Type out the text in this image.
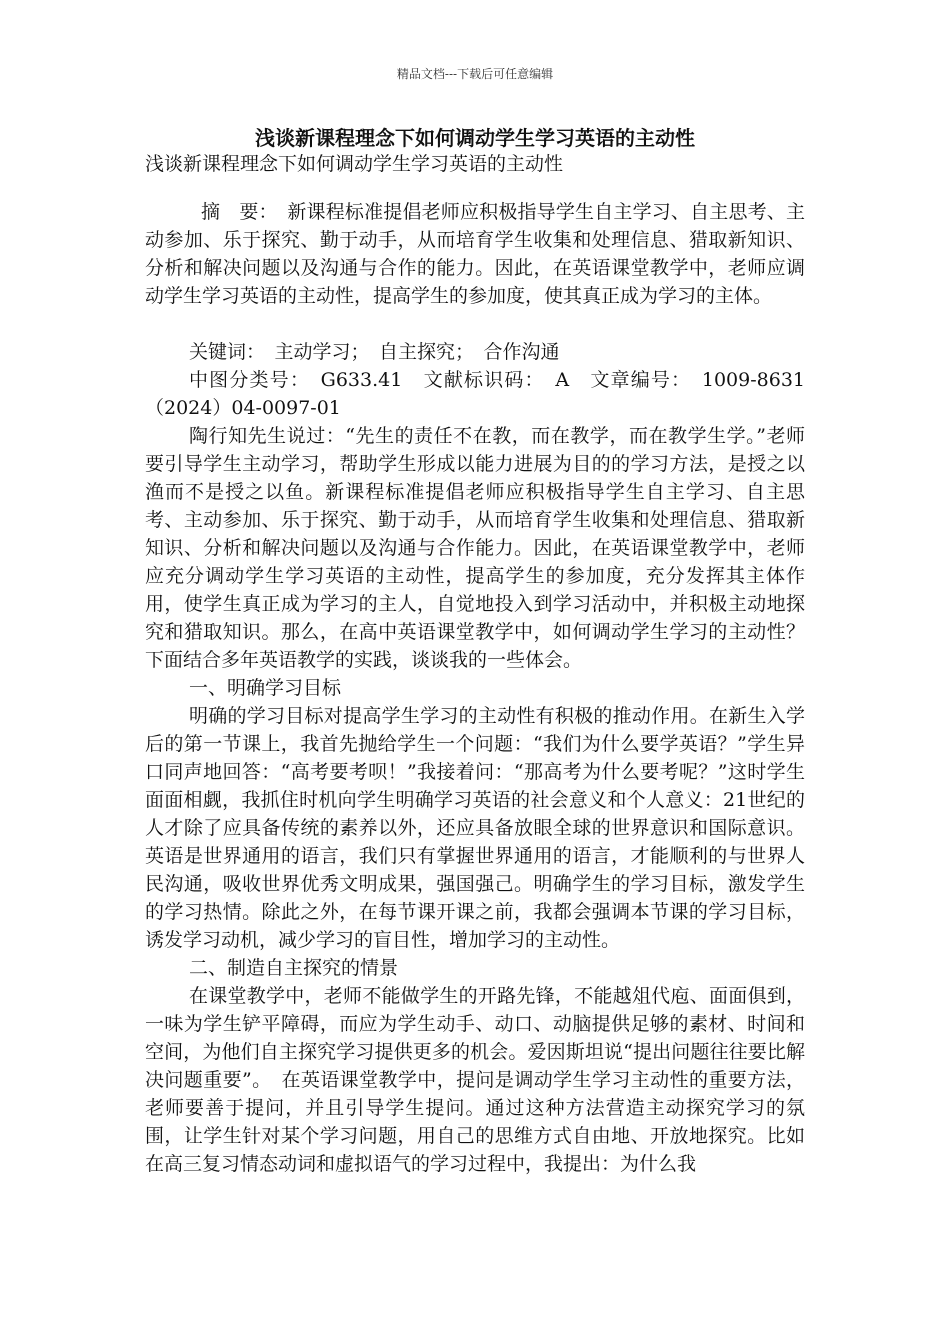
精品文档---下载后可任意编辑
浅谈新课程理念下如何调动学生学习英语的主动性

浅谈新课程理念下如何调动学生学习英语的主动性

摘　要：　新课程标准提倡老师应积极指导学生自主学习、自主思考、主动参加、乐于探究、勤于动手，从而培育学生收集和处理信息、猎取新知识、分析和解决问题以及沟通与合作的能力。因此，在英语课堂教学中，老师应调动学生学习英语的主动性，提高学生的参加度，使其真正成为学习的主体。

关键词：　主动学习；　自主探究；　合作沟通

中图分类号：　G633.41　文献标识码：　A　文章编号：　1009-8631（2024）04-0097-01

陶行知先生说过：“先生的责任不在教，而在教学，而在教学生学。”老师要引导学生主动学习，帮助学生形成以能力进展为目的的学习方法，是授之以渔而不是授之以鱼。新课程标准提倡老师应积极指导学生自主学习、自主思考、主动参加、乐于探究、勤于动手，从而培育学生收集和处理信息、猎取新知识、分析和解决问题以及沟通与合作能力。因此，在英语课堂教学中，老师应充分调动学生学习英语的主动性，提高学生的参加度，充分发挥其主体作用，使学生真正成为学习的主人，自觉地投入到学习活动中，并积极主动地探究和猎取知识。那么，在高中英语课堂教学中，如何调动学生学习的主动性？下面结合多年英语教学的实践，谈谈我的一些体会。

一、明确学习目标

明确的学习目标对提高学生学习的主动性有积极的推动作用。在新生入学后的第一节课上，我首先抛给学生一个问题：“我们为什么要学英语？”学生异口同声地回答：“高考要考呗！”我接着问：“那高考为什么要考呢？”这时学生面面相觑，我抓住时机向学生明确学习英语的社会意义和个人意义：21世纪的人才除了应具备传统的素养以外，还应具备放眼全球的世界意识和国际意识。英语是世界通用的语言，我们只有掌握世界通用的语言，才能顺利的与世界人民沟通，吸收世界优秀文明成果，强国强己。明确学生的学习目标，激发学生的学习热情。除此之外，在每节课开课之前，我都会强调本节课的学习目标，诱发学习动机，减少学习的盲目性，增加学习的主动性。

二、制造自主探究的情景

在课堂教学中，老师不能做学生的开路先锋，不能越俎代庖、面面俱到，一味为学生铲平障碍，而应为学生动手、动口、动脑提供足够的素材、时间和空间，为他们自主探究学习提供更多的机会。爱因斯坦说“提出问题往往要比解决问题重要”。　在英语课堂教学中，提问是调动学生学习主动性的重要方法，老师要善于提问，并且引导学生提问。通过这种方法营造主动探究学习的氛围，让学生针对某个学习问题，用自己的思维方式自由地、开放地探究。比如在高三复习情态动词和虚拟语气的学习过程中，我提出：为什么我
